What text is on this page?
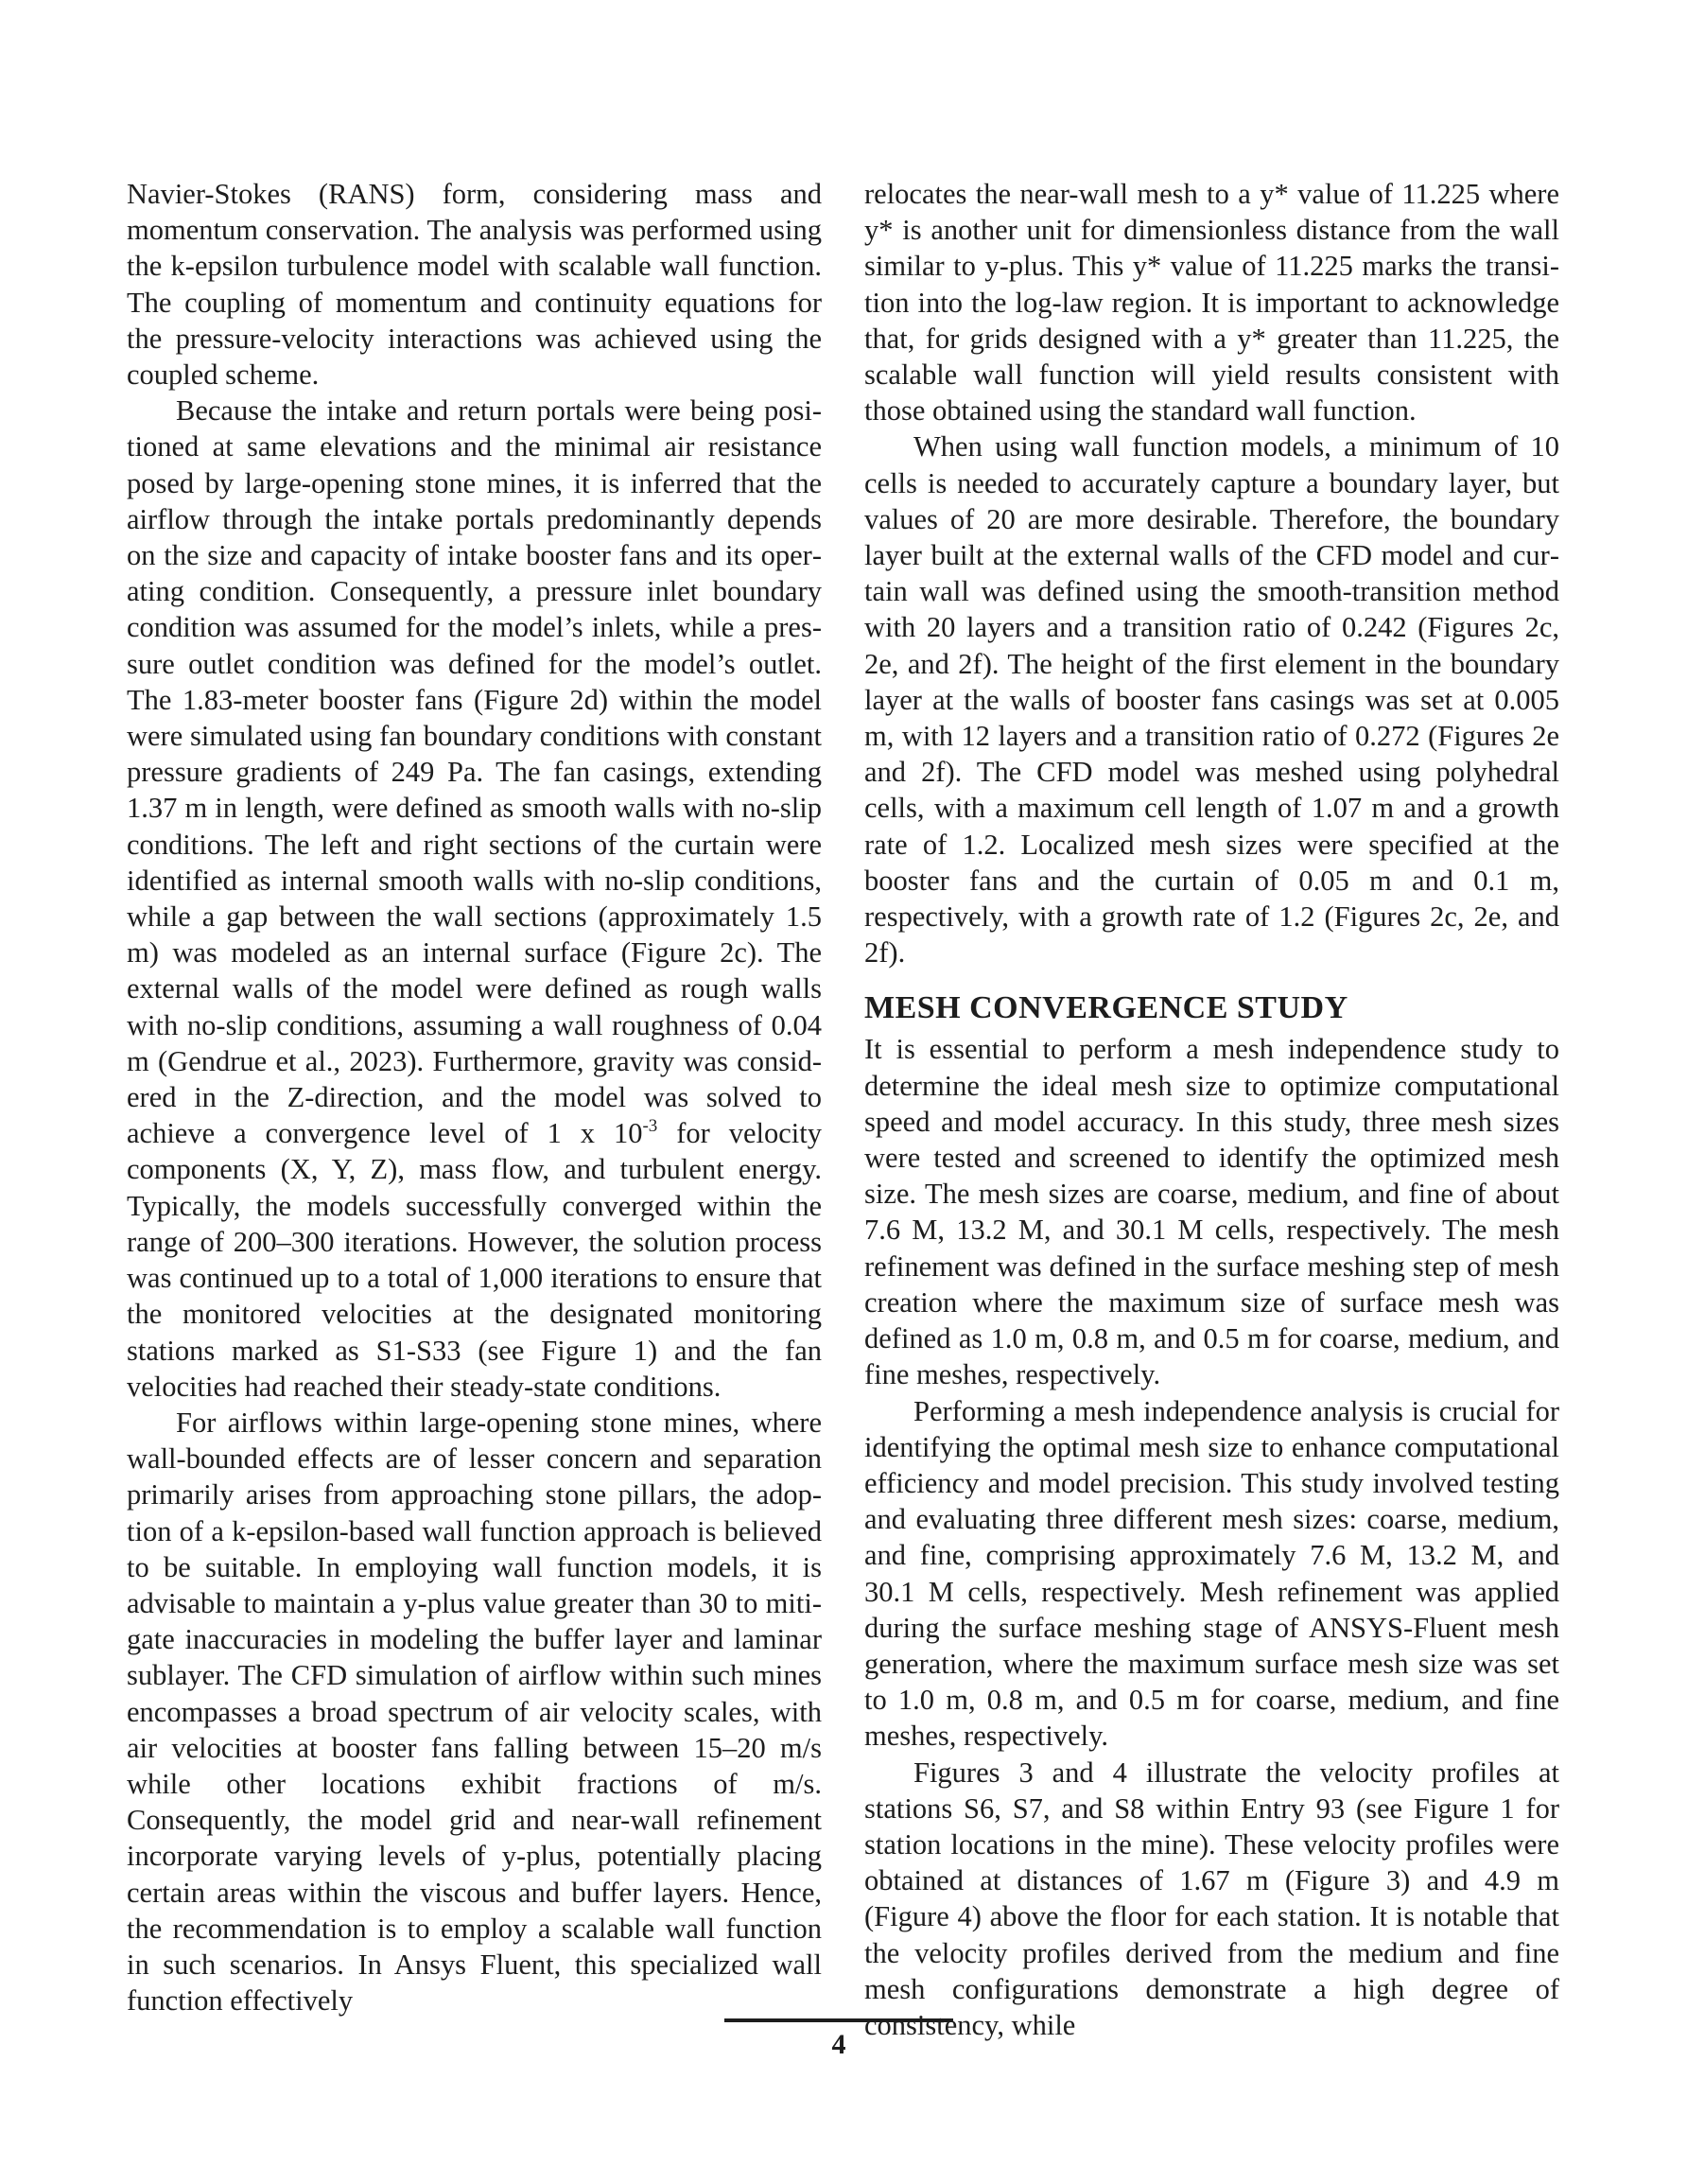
Navier-Stokes (RANS) form, considering mass and momentum conservation. The analysis was performed using the k-epsilon turbulence model with scalable wall function. The coupling of momentum and continuity equations for the pressure-velocity interactions was achieved using the coupled scheme.

Because the intake and return portals were being positioned at same elevations and the minimal air resistance posed by large-opening stone mines, it is inferred that the airflow through the intake portals predominantly depends on the size and capacity of intake booster fans and its operating condition. Consequently, a pressure inlet boundary condition was assumed for the model’s inlets, while a pressure outlet condition was defined for the model’s outlet. The 1.83-meter booster fans (Figure 2d) within the model were simulated using fan boundary conditions with constant pressure gradients of 249 Pa. The fan casings, extending 1.37 m in length, were defined as smooth walls with no-slip conditions. The left and right sections of the curtain were identified as internal smooth walls with no-slip conditions, while a gap between the wall sections (approximately 1.5 m) was modeled as an internal surface (Figure 2c). The external walls of the model were defined as rough walls with no-slip conditions, assuming a wall roughness of 0.04 m (Gendrue et al., 2023). Furthermore, gravity was considered in the Z-direction, and the model was solved to achieve a convergence level of 1 x $10^{-3}$ for velocity components (X, Y, Z), mass flow, and turbulent energy. Typically, the models successfully converged within the range of 200–300 iterations. However, the solution process was continued up to a total of 1,000 iterations to ensure that the monitored velocities at the designated monitoring stations marked as S1-S33 (see Figure 1) and the fan velocities had reached their steady-state conditions.

For airflows within large-opening stone mines, where wall-bounded effects are of lesser concern and separation primarily arises from approaching stone pillars, the adoption of a k-epsilon-based wall function approach is believed to be suitable. In employing wall function models, it is advisable to maintain a y-plus value greater than 30 to mitigate inaccuracies in modeling the buffer layer and laminar sublayer. The CFD simulation of airflow within such mines encompasses a broad spectrum of air velocity scales, with air velocities at booster fans falling between 15–20 m/s while other locations exhibit fractions of m/s. Consequently, the model grid and near-wall refinement incorporate varying levels of y-plus, potentially placing certain areas within the viscous and buffer layers. Hence, the recommendation is to employ a scalable wall function in such scenarios. In Ansys Fluent, this specialized wall function effectively

relocates the near-wall mesh to a y* value of 11.225 where y* is another unit for dimensionless distance from the wall similar to y-plus. This y* value of 11.225 marks the transition into the log-law region. It is important to acknowledge that, for grids designed with a y* greater than 11.225, the scalable wall function will yield results consistent with those obtained using the standard wall function.

When using wall function models, a minimum of 10 cells is needed to accurately capture a boundary layer, but values of 20 are more desirable. Therefore, the boundary layer built at the external walls of the CFD model and curtain wall was defined using the smooth-transition method with 20 layers and a transition ratio of 0.242 (Figures 2c, 2e, and 2f). The height of the first element in the boundary layer at the walls of booster fans casings was set at 0.005 m, with 12 layers and a transition ratio of 0.272 (Figures 2e and 2f). The CFD model was meshed using polyhedral cells, with a maximum cell length of 1.07 m and a growth rate of 1.2. Localized mesh sizes were specified at the booster fans and the curtain of 0.05 m and 0.1 m, respectively, with a growth rate of 1.2 (Figures 2c, 2e, and 2f).

MESH CONVERGENCE STUDY

It is essential to perform a mesh independence study to determine the ideal mesh size to optimize computational speed and model accuracy. In this study, three mesh sizes were tested and screened to identify the optimized mesh size. The mesh sizes are coarse, medium, and fine of about 7.6 M, 13.2 M, and 30.1 M cells, respectively. The mesh refinement was defined in the surface meshing step of mesh creation where the maximum size of surface mesh was defined as 1.0 m, 0.8 m, and 0.5 m for coarse, medium, and fine meshes, respectively.

Performing a mesh independence analysis is crucial for identifying the optimal mesh size to enhance computational efficiency and model precision. This study involved testing and evaluating three different mesh sizes: coarse, medium, and fine, comprising approximately 7.6 M, 13.2 M, and 30.1 M cells, respectively. Mesh refinement was applied during the surface meshing stage of ANSYS-Fluent mesh generation, where the maximum surface mesh size was set to 1.0 m, 0.8 m, and 0.5 m for coarse, medium, and fine meshes, respectively.

Figures 3 and 4 illustrate the velocity profiles at stations S6, S7, and S8 within Entry 93 (see Figure 1 for station locations in the mine). These velocity profiles were obtained at distances of 1.67 m (Figure 3) and 4.9 m (Figure 4) above the floor for each station. It is notable that the velocity profiles derived from the medium and fine mesh configurations demonstrate a high degree of consistency, while

4
